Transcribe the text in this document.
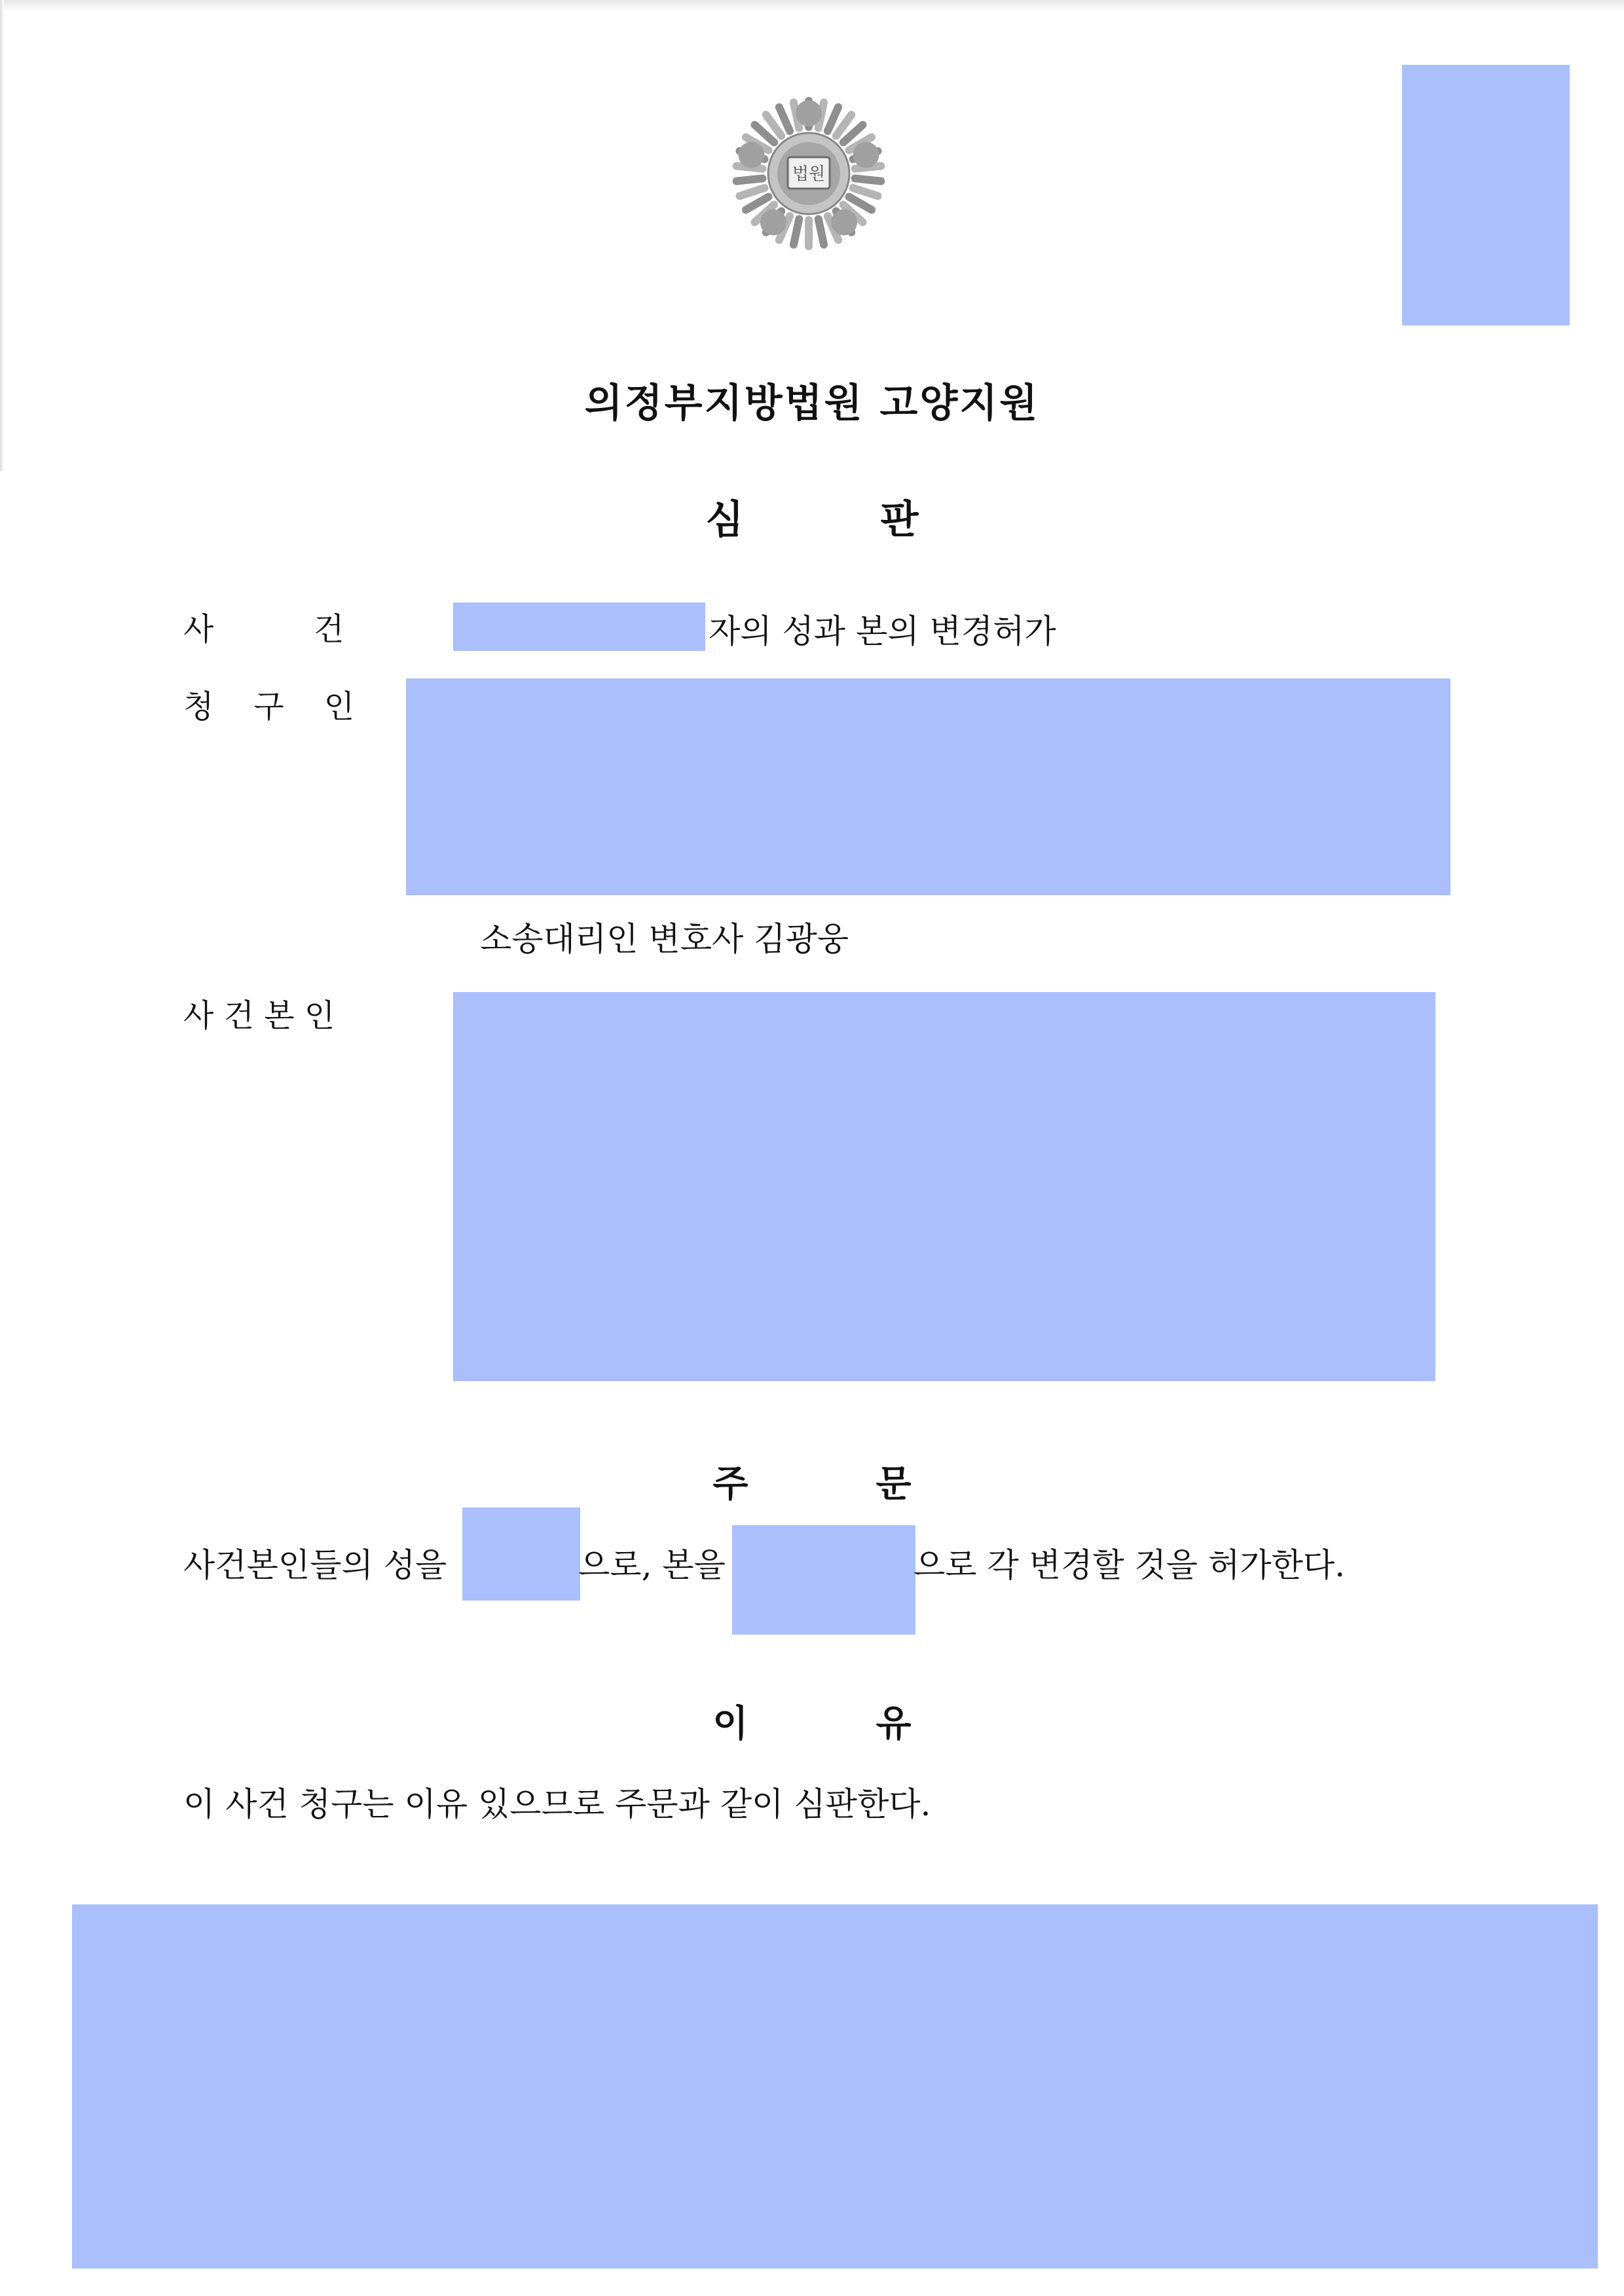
법원
의정부지방법원 고양지원
심          판
사          건	자의 성과 본의 변경허가
청    구    인
소송대리인 변호사 김광웅
사 건 본 인
주          문
사건본인들의 성을	으로, 본을	으로 각 변경할 것을 허가한다.
이          유
이 사건 청구는 이유 있으므로 주문과 같이 심판한다.
